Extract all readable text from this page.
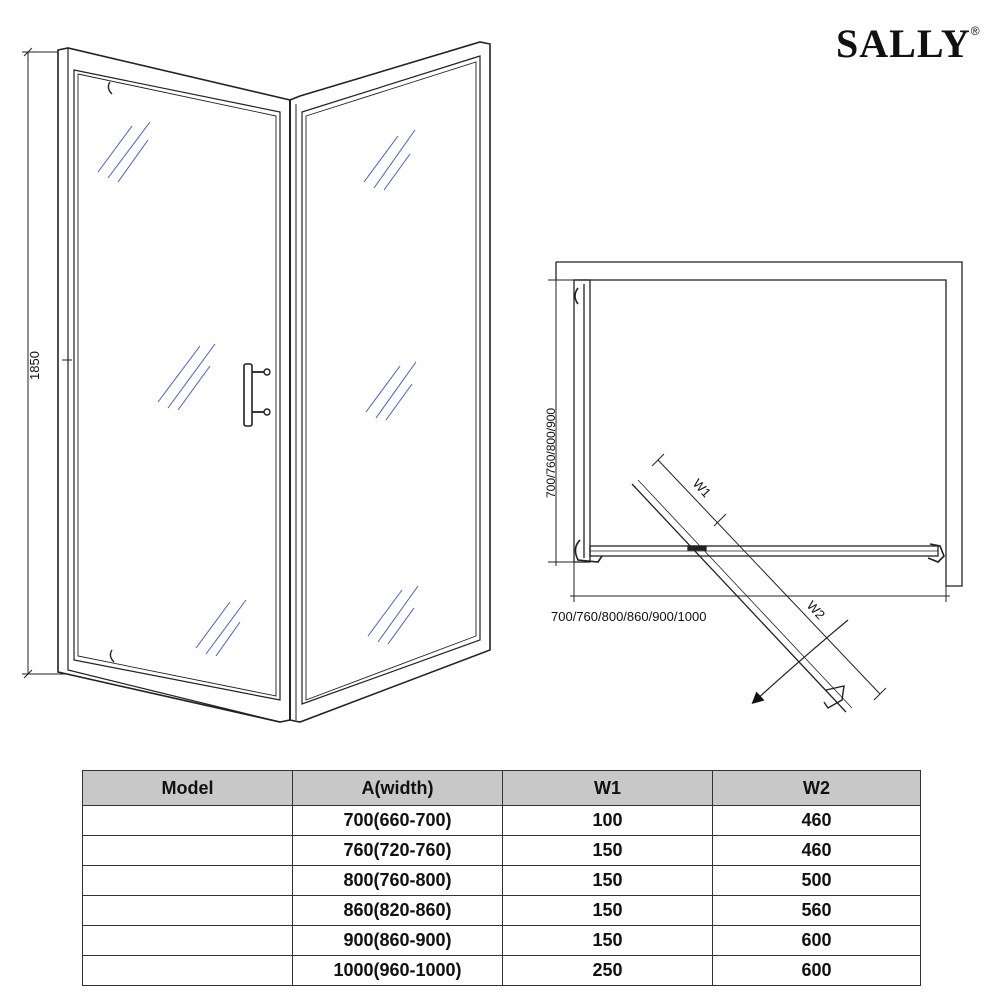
SALLY®
1850
700/760/800/900
700/760/800/860/900/1000
W1
W2
Model	A(width)	W1	W2
	700(660-700)	100	460
	760(720-760)	150	460
	800(760-800)	150	500
	860(820-860)	150	560
	900(860-900)	150	600
	1000(960-1000)	250	600
